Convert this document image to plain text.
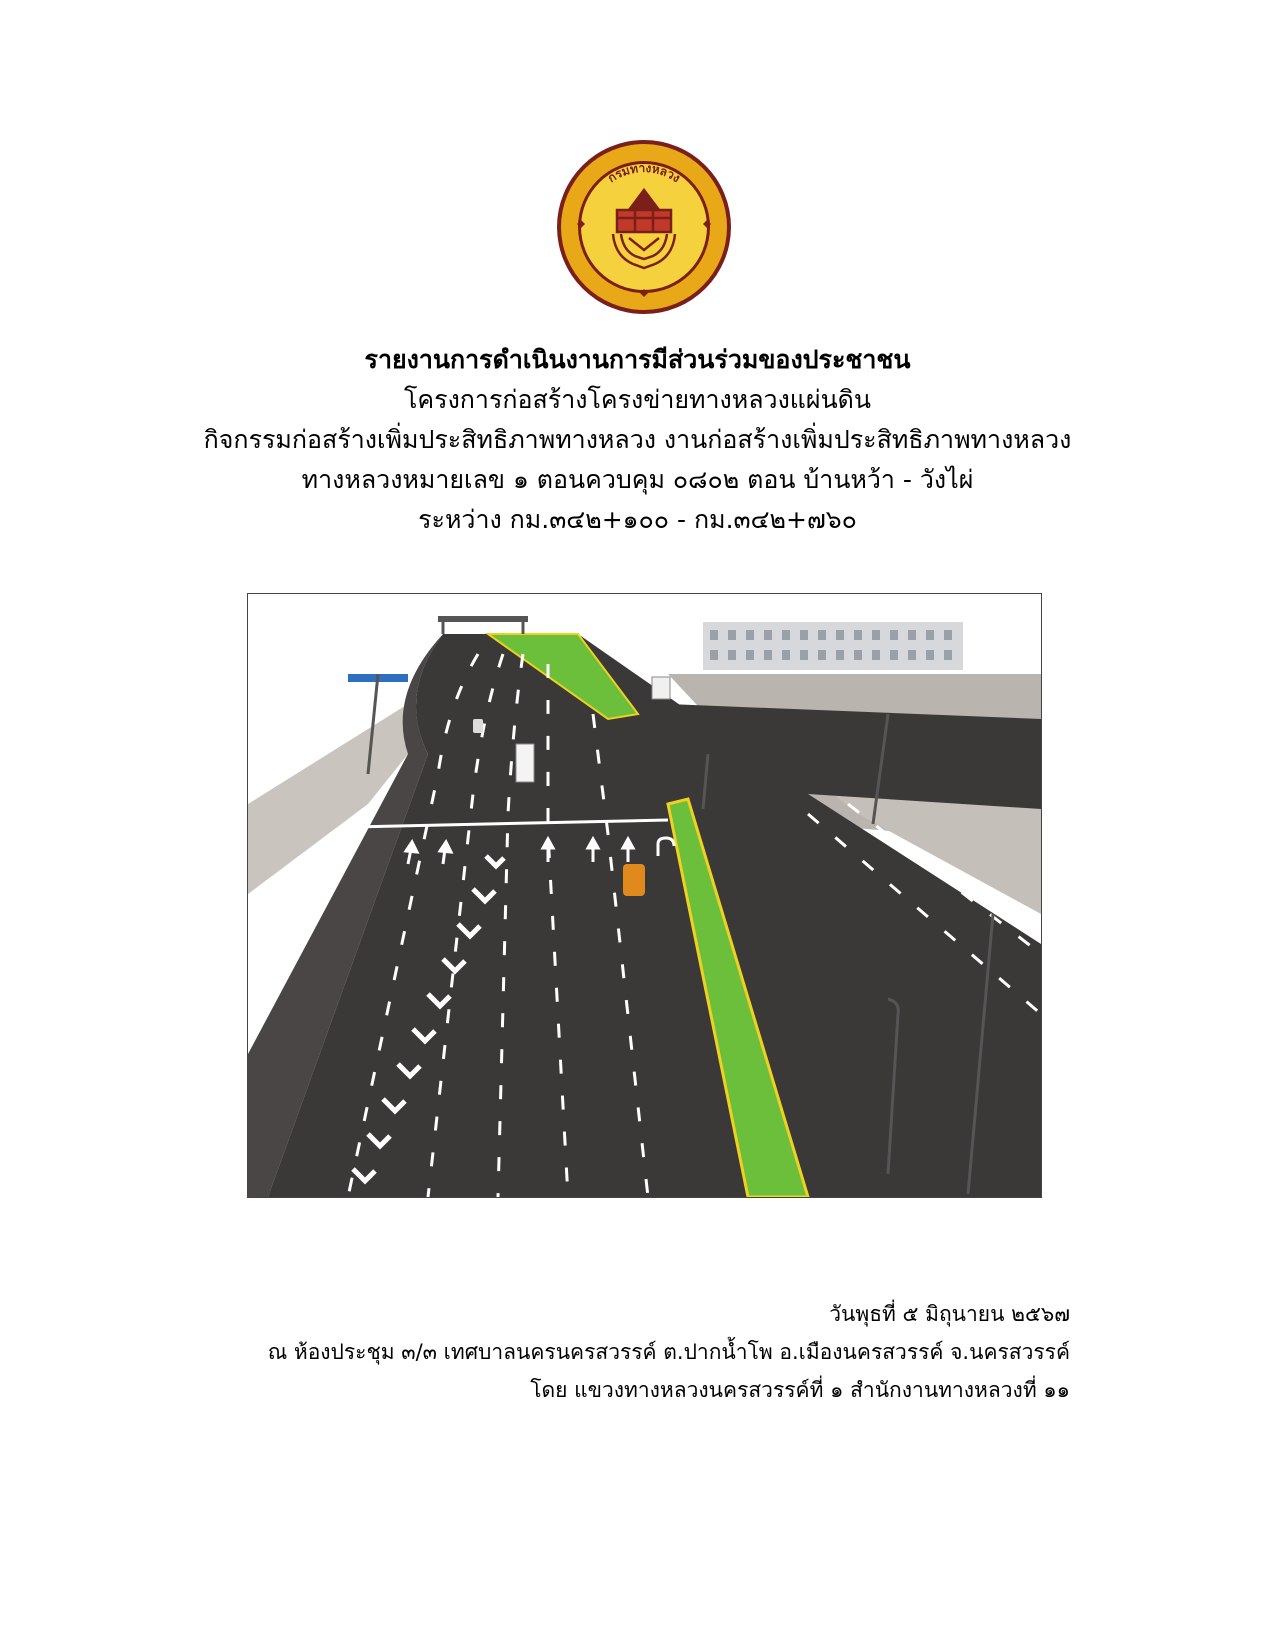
กรมทางหลวง
รายงานการดำเนินงานการมีส่วนร่วมของประชาชน
โครงการก่อสร้างโครงข่ายทางหลวงแผ่นดิน
กิจกรรมก่อสร้างเพิ่มประสิทธิภาพทางหลวง งานก่อสร้างเพิ่มประสิทธิภาพทางหลวง
ทางหลวงหมายเลข ๑ ตอนควบคุม ๐๘๐๒ ตอน บ้านหว้า - วังไผ่
ระหว่าง กม.๓๔๒+๑๐๐ - กม.๓๔๒+๗๖๐
วันพุธที่ ๕ มิถุนายน ๒๕๖๗
ณ ห้องประชุม ๓/๓ เทศบาลนครนครสวรรค์ ต.ปากน้ำโพ อ.เมืองนครสวรรค์ จ.นครสวรรค์
โดย แขวงทางหลวงนครสวรรค์ที่ ๑ สำนักงานทางหลวงที่ ๑๑
